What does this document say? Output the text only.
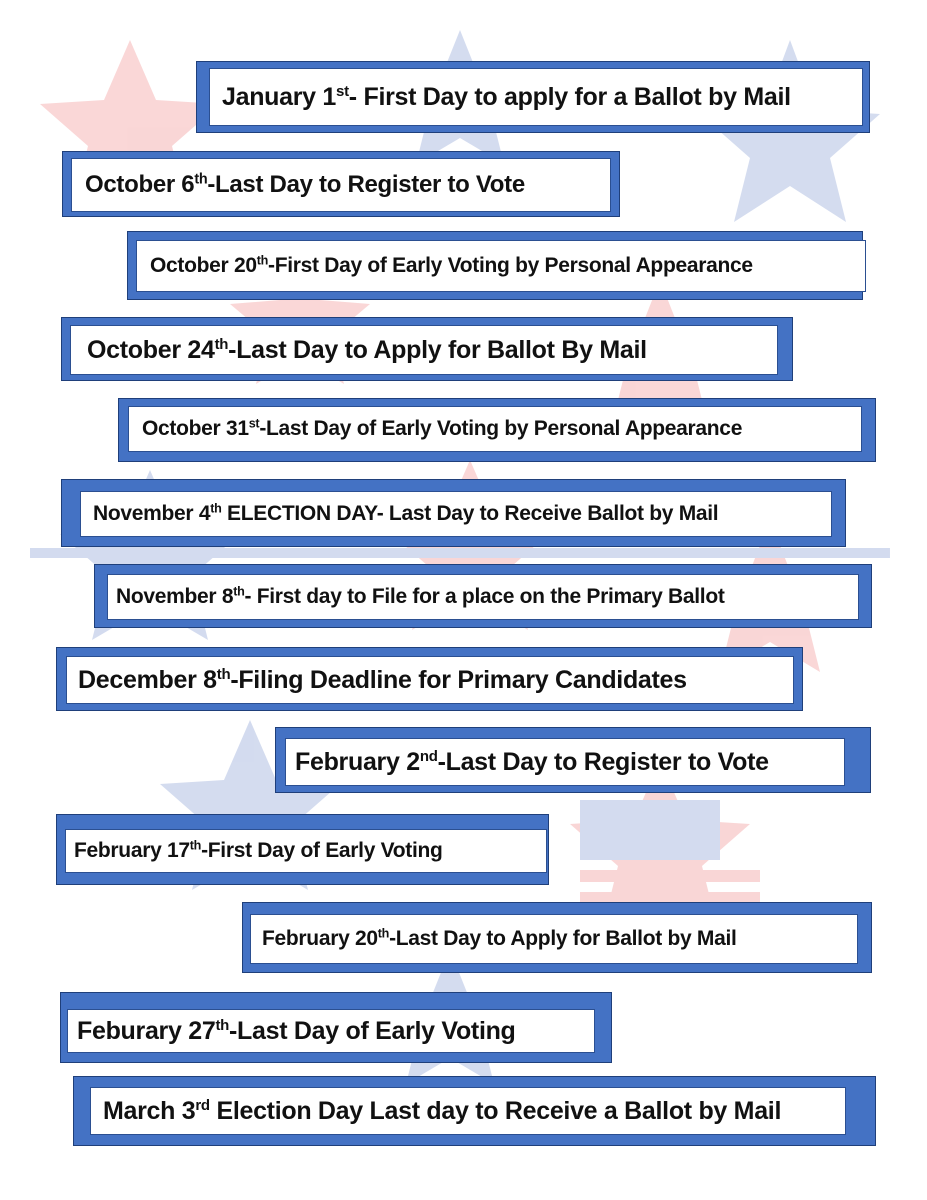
January 1st- First Day to apply for a Ballot by Mail
October 6th-Last Day to Register to Vote
October 20th-First Day of Early Voting by Personal Appearance
October 24th-Last Day to Apply for Ballot By Mail
October 31st-Last Day of Early Voting by Personal Appearance
November 4th ELECTION DAY- Last Day to Receive Ballot by Mail
November 8th- First day to File for a place on the Primary Ballot
December 8th-Filing Deadline for Primary Candidates
February 2nd-Last Day to Register to Vote
February 17th-First Day of Early Voting
February 20th-Last Day to Apply for Ballot by Mail
Feburary 27th-Last Day of Early Voting
March 3rd Election Day Last day to Receive a Ballot by Mail
